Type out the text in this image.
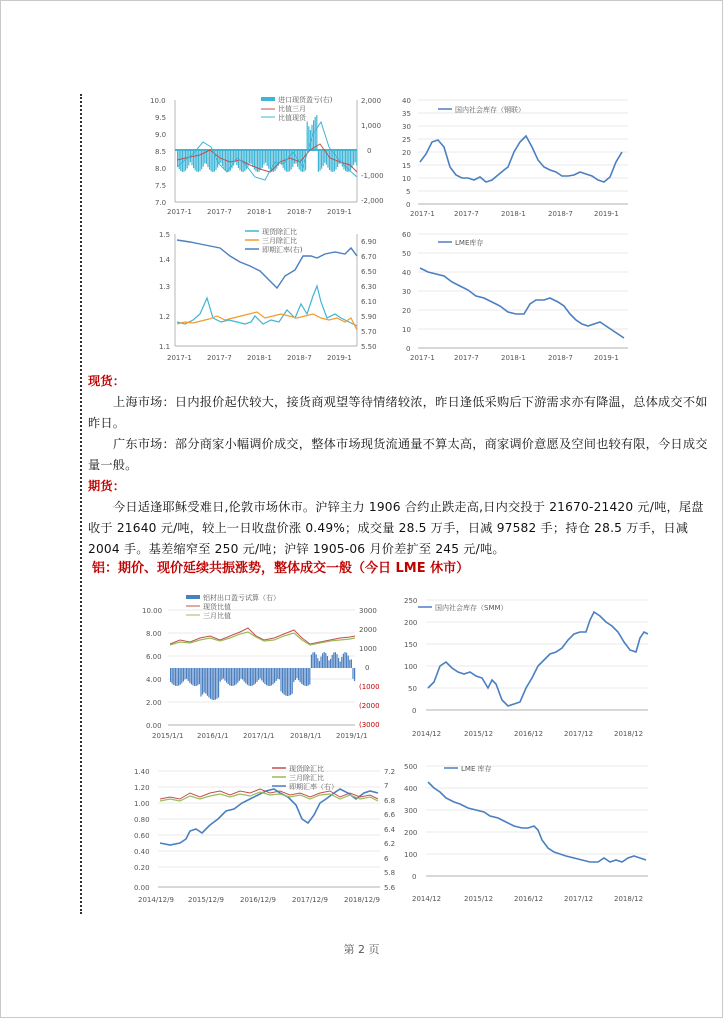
10.0
9.5
9.0
8.5
8.0
7.5
7.0
2,000
1,000
0
-1,000
-2,000
2017-1 2017-7 2018-1 2018-7 2019-1
进口现货盈亏(右)
比值三月
比值现货
40
35
30
25
20
15
10
5
0
2017-1	2017-7	2018-1	2018-7	2019-1
国内社会库存（钢联）
1.5
1.4
1.3
1.2
1.1
6.90
6.70
6.50
6.30
6.10
5.90
5.70
5.50
2017-1 2017-7 2018-1 2018-7 2019-1
现货除汇比
三月除汇比
即期汇率(右)
60
50
40
30
20
10
0
2017-1	2017-7	2018-1	2018-7	2019-1
LME库存
现货：
上海市场：日内报价起伏较大，接货商观望等待情绪较浓，昨日逢低采购后下游需求亦有降温，总体成交不如昨日。
广东市场：部分商家小幅调价成交，整体市场现货流通量不算太高，商家调价意愿及空间也较有限，今日成交量一般。
期货：
今日适逢耶稣受难日,伦敦市场休市。沪锌主力 1906 合约止跌走高,日内交投于 21670-21420 元/吨，尾盘收于 21640 元/吨，较上一日收盘价涨 0.49%；成交量 28.5 万手，日减 97582 手；持仓 28.5 万手，日减 2004 手。基差缩窄至 250 元/吨；沪锌 1905-06 月价差扩至 245 元/吨。
铝：期价、现价延续共振涨势，整体成交一般（今日 LME 休市）
10.00
8.00
6.00
4.00
2.00
0.00
3000
2000
1000
0
(1000
(2000
(3000
2015/1/1 2016/1/1 2017/1/1 2018/1/1 2019/1/1
铝材出口盈亏试算（右）
现货比值
三月比值
250
200
150
100
50
0
2014/12	2015/12	2016/12	2017/12	2018/12
国内社会库存（SMM）
1.40
1.20
1.00
0.80
0.60
0.40
0.20
0.00
7.2
7
6.8
6.6
6.4
6.2
6
5.8
5.6
2014/12/9 2015/12/9 2016/12/9 2017/12/9 2018/12/9
现货除汇比
三月除汇比
即期汇率（右）
500
400
300
200
100
0
2014/12	2015/12	2016/12	2017/12	2018/12
LME 库存
第 2 页
